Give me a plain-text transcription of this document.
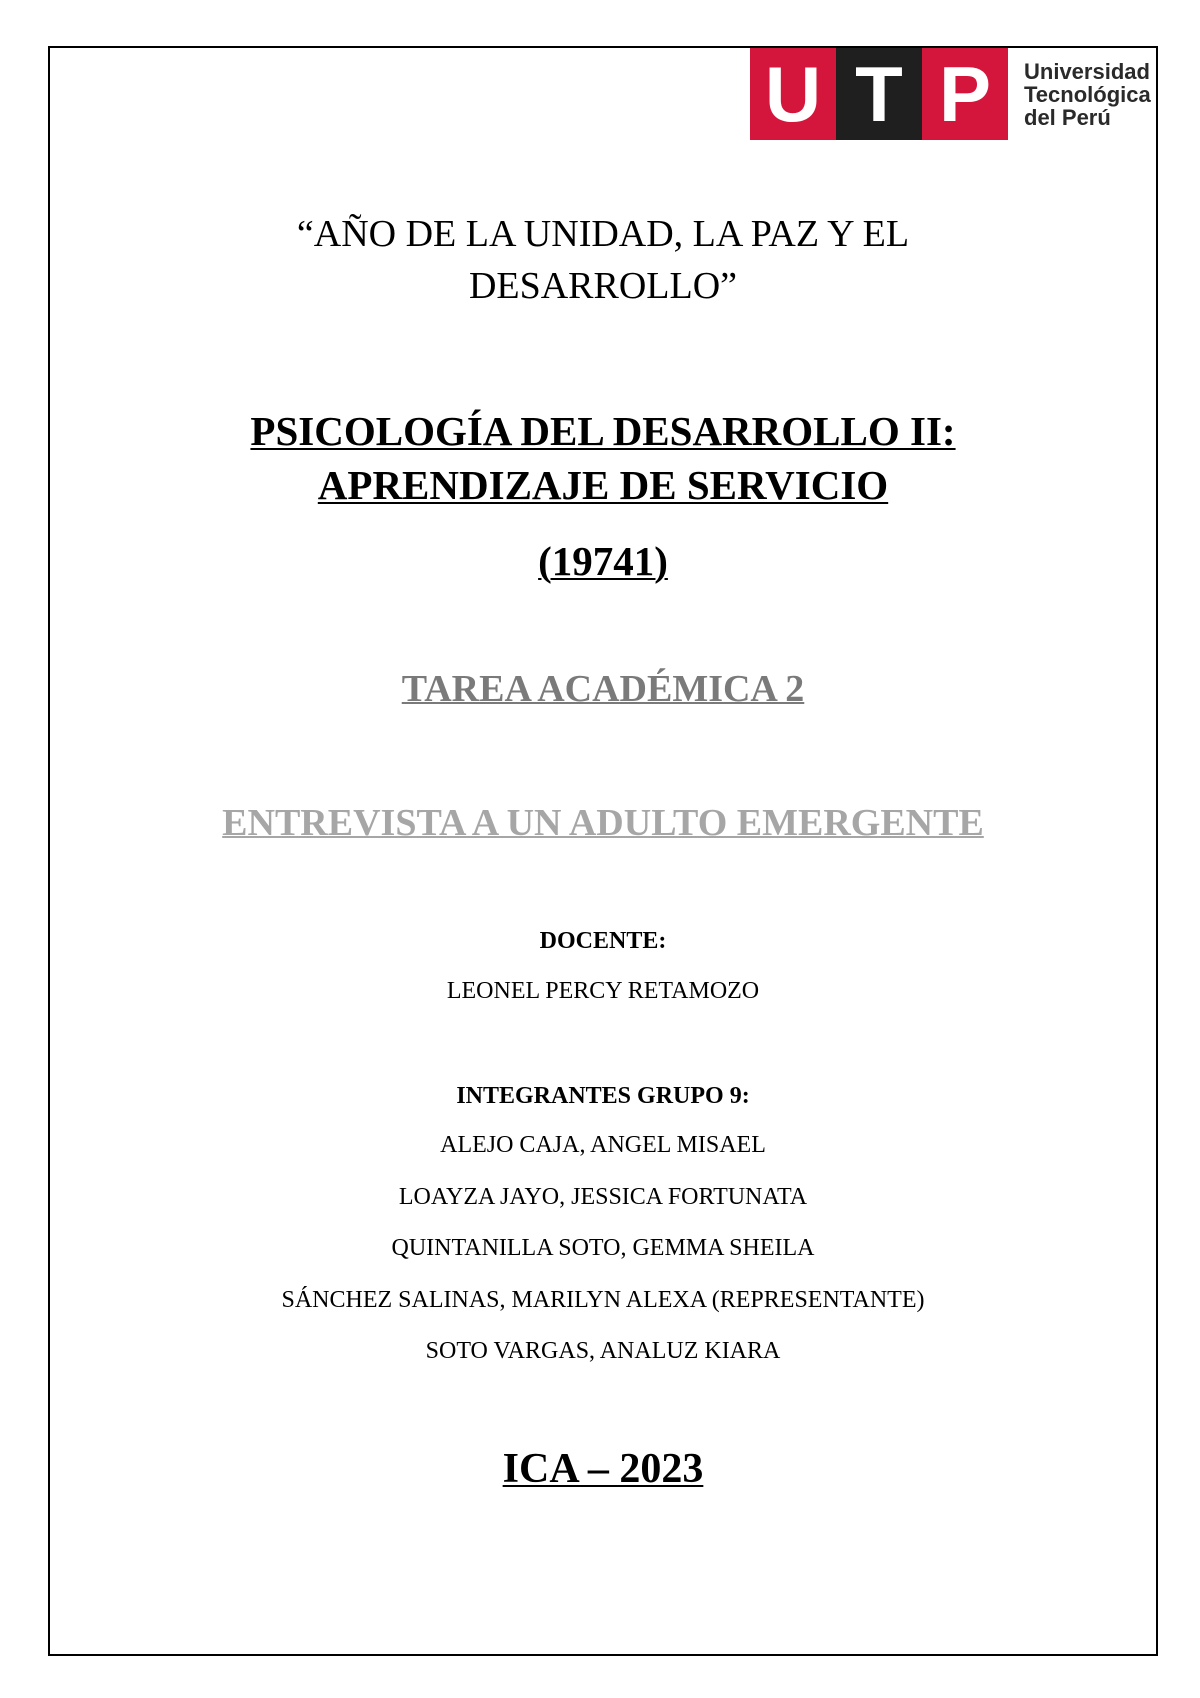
U T P	Universidad
Tecnológica
del Perú
“AÑO DE LA UNIDAD, LA PAZ Y EL
DESARROLLO”
PSICOLOGÍA DEL DESARROLLO II:
APRENDIZAJE DE SERVICIO
(19741)
TAREA ACADÉMICA 2
ENTREVISTA A UN ADULTO EMERGENTE
DOCENTE:
LEONEL PERCY RETAMOZO
INTEGRANTES GRUPO 9:
ALEJO CAJA, ANGEL MISAEL
LOAYZA JAYO, JESSICA FORTUNATA
QUINTANILLA SOTO, GEMMA SHEILA
SÁNCHEZ SALINAS, MARILYN ALEXA (REPRESENTANTE)
SOTO VARGAS, ANALUZ KIARA
ICA – 2023
